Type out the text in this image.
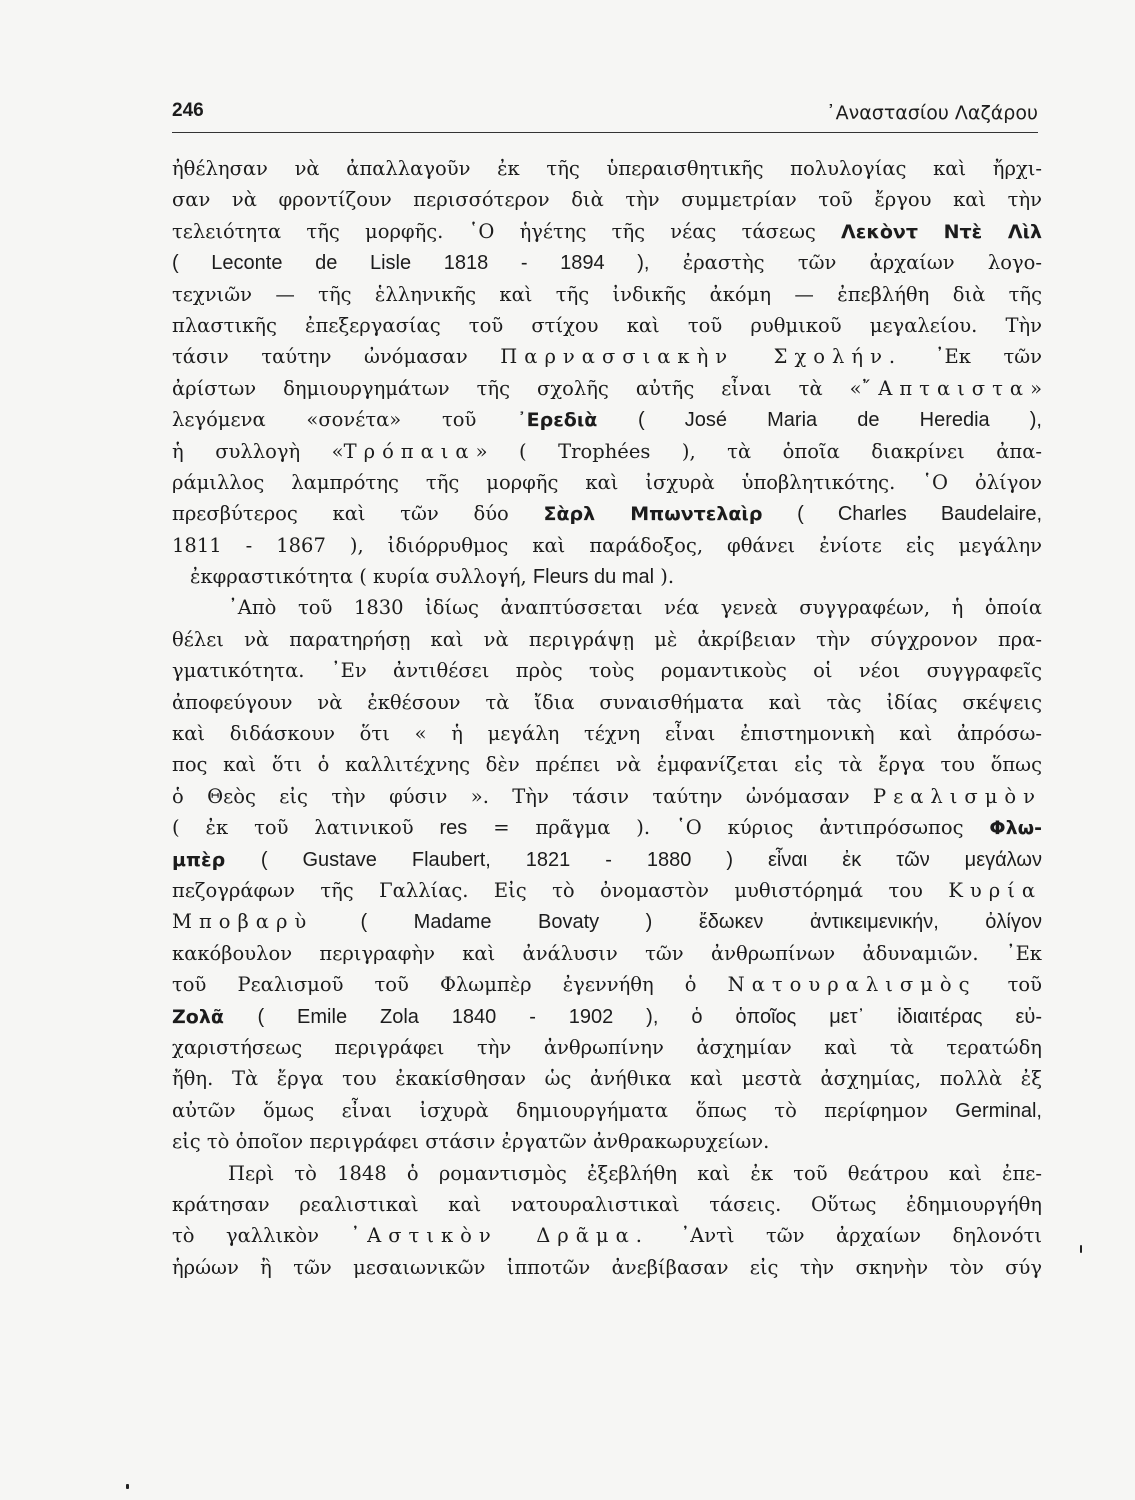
246	᾿Αναστασίου Λαζάρου
ἠθέλησαν νὰ ἀπαλλαγοῦν ἐκ τῆς ὑπεραισθητικῆς πολυλογίας καὶ ἤρχι-
σαν νὰ φροντίζουν περισσότερον διὰ τὴν συμμετρίαν τοῦ ἔργου καὶ τὴν
τελειότητα τῆς μορφῆς. ῾Ο ἡγέτης τῆς νέας τάσεως Λεκὸντ Ντὲ Λὶλ
( Leconte de Lisle 1818 - 1894 ), ἐραστὴς τῶν ἀρχαίων λογο-
τεχνιῶν — τῆς ἑλληνικῆς καὶ τῆς ἰνδικῆς ἀκόμη — ἐπεβλήθη διὰ τῆς
πλαστικῆς ἐπεξεργασίας τοῦ στίχου καὶ τοῦ ρυθμικοῦ μεγαλείου. Τὴν
τάσιν ταύτην ὠνόμασαν Παρνασσιακὴν Σχολήν. ᾿Εκ τῶν
ἀρίστων δημιουργημάτων τῆς σχολῆς αὐτῆς εἶναι τὰ «῎Απταιστα»
λεγόμενα «σονέτα» τοῦ ᾿Ερεδιὰ ( José Maria de Heredia ),
ἡ συλλογὴ «Τρόπαια» ( Trophées ), τὰ ὁποῖα διακρίνει ἀπα-
ράμιλλος λαμπρότης τῆς μορφῆς καὶ ἰσχυρὰ ὑποβλητικότης. ῾Ο ὀλίγον
πρεσβύτερος καὶ τῶν δύο Σὰρλ Μπωντελαὶρ ( Charles Baudelaire,
1811 - 1867 ), ἰδιόρρυθμος καὶ παράδοξος, φθάνει ἐνίοτε εἰς μεγάλην
ἐκφραστικότητα ( κυρία συλλογή, Fleurs du mal ).
᾿Απὸ τοῦ 1830 ἰδίως ἀναπτύσσεται νέα γενεὰ συγγραφέων, ἡ ὁποία
θέλει νὰ παρατηρήσῃ καὶ νὰ περιγράψῃ μὲ ἀκρίβειαν τὴν σύγχρονον πρα-
γματικότητα. ᾿Εν ἀντιθέσει πρὸς τοὺς ρομαντικοὺς οἱ νέοι συγγραφεῖς
ἀποφεύγουν νὰ ἐκθέσουν τὰ ἴδια συναισθήματα καὶ τὰς ἰδίας σκέψεις
καὶ διδάσκουν ὅτι « ἡ μεγάλη τέχνη εἶναι ἐπιστημονικὴ καὶ ἀπρόσω-
πος καὶ ὅτι ὁ καλλιτέχνης δὲν πρέπει νὰ ἐμφανίζεται εἰς τὰ ἔργα του ὅπως
ὁ Θεὸς εἰς τὴν φύσιν ». Τὴν τάσιν ταύτην ὠνόμασαν Ρεαλισμὸν
( ἐκ τοῦ λατινικοῦ res = πρᾶγμα ). ῾Ο κύριος ἀντιπρόσωπος Φλω-
μπὲρ ( Gustave Flaubert, 1821 - 1880 ) εἶναι ἐκ τῶν μεγάλων
πεζογράφων τῆς Γαλλίας. Εἰς τὸ ὀνομαστὸν μυθιστόρημά του Κυρία
Μποβαρὺ ( Madame Bovaty ) ἔδωκεν ἀντικειμενικήν, ὀλίγον
κακόβουλον περιγραφὴν καὶ ἀνάλυσιν τῶν ἀνθρωπίνων ἀδυναμιῶν. ᾿Εκ
τοῦ Ρεαλισμοῦ τοῦ Φλωμπὲρ ἐγεννήθη ὁ Νατουραλισμὸς τοῦ
Ζολᾶ ( Emile Zola 1840 - 1902 ), ὁ ὁποῖος μετ᾿ ἰδιαιτέρας εὐ-
χαριστήσεως περιγράφει τὴν ἀνθρωπίνην ἀσχημίαν καὶ τὰ τερατώδη
ἤθη. Τὰ ἔργα του ἐκακίσθησαν ὡς ἀνήθικα καὶ μεστὰ ἀσχημίας, πολλὰ ἐξ
αὐτῶν ὅμως εἶναι ἰσχυρὰ δημιουργήματα ὅπως τὸ περίφημον Germinal,
εἰς τὸ ὁποῖον περιγράφει στάσιν ἐργατῶν ἀνθρακωρυχείων.
Περὶ τὸ 1848 ὁ ρομαντισμὸς ἐξεβλήθη καὶ ἐκ τοῦ θεάτρου καὶ ἐπε-
κράτησαν ρεαλιστικαὶ καὶ νατουραλιστικαὶ τάσεις. Οὕτως ἐδημιουργήθη
τὸ γαλλικὸν ᾿Αστικὸν Δρᾶμα. ᾿Αντὶ τῶν ἀρχαίων δηλονότι
ἡρώων ἢ τῶν μεσαιωνικῶν ἱπποτῶν ἀνεβίβασαν εἰς τὴν σκηνὴν τὸν σύγ
